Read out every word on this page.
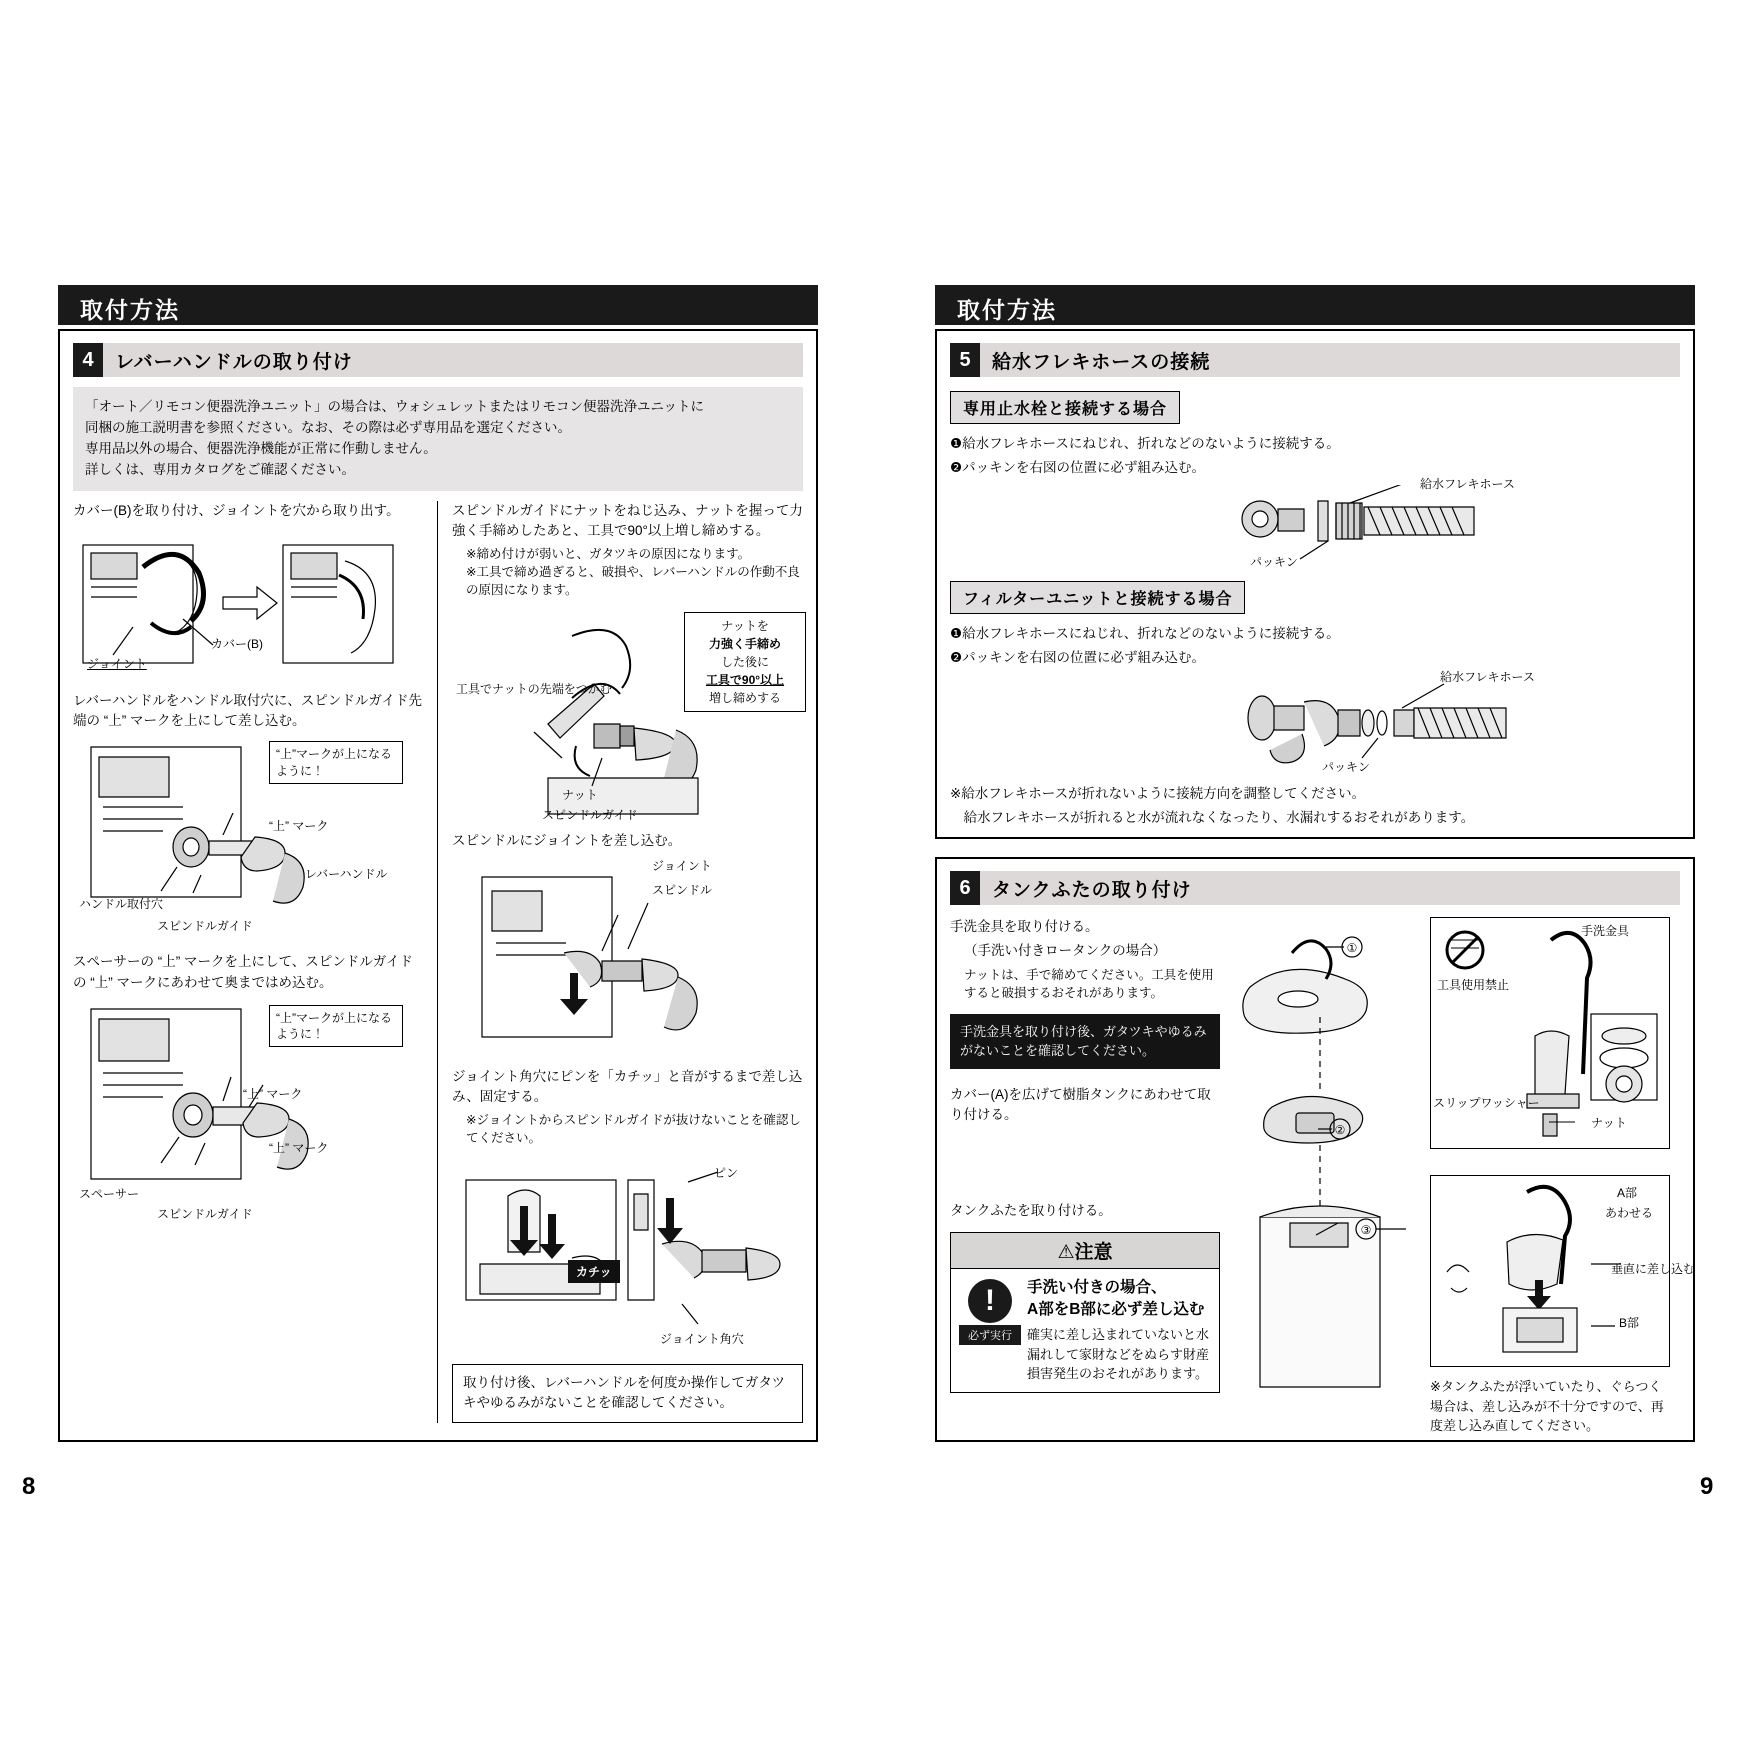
取付方法
4	レバーハンドルの取り付け
「オート／リモコン便器洗浄ユニット」の場合は、ウォシュレットまたはリモコン便器洗浄ユニットに
同梱の施工説明書を参照ください。なお、その際は必ず専用品を選定ください。
専用品以外の場合、便器洗浄機能が正常に作動しません。
詳しくは、専用カタログをご確認ください。
カバー(B)を取り付け、ジョイントを穴から取り出す。
カバー(B)
ジョイント
レバーハンドルをハンドル取付穴に、スピンドルガイド先端の “上” マークを上にして差し込む。
“上”マークが上になるように！
“上” マーク
レバーハンドル
ハンドル取付穴
スピンドルガイド
スペーサーの “上” マークを上にして、スピンドルガイドの “上” マークにあわせて奥まではめ込む。
“上”マークが上になるように！
“上” マーク
“上” マーク
スペーサー
スピンドルガイド
スピンドルガイドにナットをねじ込み、ナットを握って力強く手締めしたあと、工具で90°以上増し締めする。
※締め付けが弱いと、ガタツキの原因になります。
※工具で締め過ぎると、破損や、レバーハンドルの作動不良の原因になります。
工具でナットの先端をつかむ
ナット
スピンドルガイド
ナットを
力強く手締め
した後に
工具で90°以上
増し締めする
スピンドルにジョイントを差し込む。
ジョイント
スピンドル
ジョイント角穴にピンを「カチッ」と音がするまで差し込み、固定する。
※ジョイントからスピンドルガイドが抜けないことを確認してください。
ピン
ジョイント角穴
カチッ
取り付け後、レバーハンドルを何度か操作してガタツキやゆるみがないことを確認してください。
取付方法
5	給水フレキホースの接続
専用止水栓と接続する場合
❶給水フレキホースにねじれ、折れなどのないように接続する。
❷パッキンを右図の位置に必ず組み込む。
給水フレキホース
パッキン
フィルターユニットと接続する場合
❶給水フレキホースにねじれ、折れなどのないように接続する。
❷パッキンを右図の位置に必ず組み込む。
給水フレキホース
パッキン
※給水フレキホースが折れないように接続方向を調整してください。
　給水フレキホースが折れると水が流れなくなったり、水漏れするおそれがあります。
6	タンクふたの取り付け
手洗金具を取り付ける。
（手洗い付きロータンクの場合）
ナットは、手で締めてください。工具を使用すると破損するおそれがあります。
手洗金具を取り付け後、ガタツキやゆるみがないことを確認してください。
カバー(A)を広げて樹脂タンクにあわせて取り付ける。
タンクふたを取り付ける。
⚠注意
!
必ず実行
手洗い付きの場合、
A部をB部に必ず差し込む
確実に差し込まれていないと水漏れして家財などをぬらす財産損害発生のおそれがあります。
①
②
③
手洗金具
工具使用禁止
スリップワッシャー
ナット
A部
あわせる
垂直に差し込む
B部
※タンクふたが浮いていたり、ぐらつく場合は、差し込みが不十分ですので、再度差し込み直してください。
8	9
